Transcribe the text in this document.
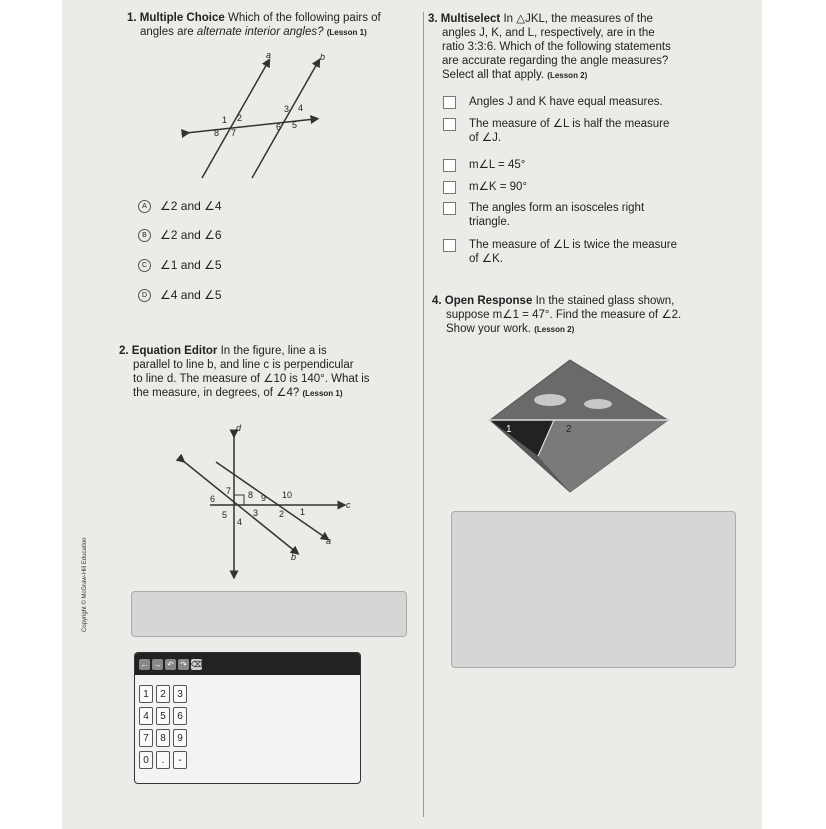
Copyright © McGraw-Hill Education
1. Multiple Choice Which of the following pairs of
angles are alternate interior angles? (Lesson 1)
a	b
1 2
3 4
8 7
6 5
A	∠2 and ∠4
B	∠2 and ∠6
C	∠1 and ∠5
D	∠4 and ∠5
2. Equation Editor In the figure, line a is
parallel to line b, and line c is perpendicular
to line d. The measure of ∠10 is 140°. What is
the measure, in degrees, of ∠4? (Lesson 1)
d
7 8 9 10
6
c
5	3 2 1
4
b
a
← → ↶ ↷ ⌫
1	2	3
4	5	6
7	8	9
0	.	-
3. Multiselect In △JKL, the measures of the
angles J, K, and L, respectively, are in the
ratio 3:3:6. Which of the following statements
are accurate regarding the angle measures?
Select all that apply. (Lesson 2)
Angles J and K have equal measures.
The measure of ∠L is half the measure
of ∠J.
m∠L = 45°
m∠K = 90°
The angles form an isosceles right
triangle.
The measure of ∠L is twice the measure
of ∠K.
4. Open Response In the stained glass shown,
suppose m∠1 = 47°. Find the measure of ∠2.
Show your work. (Lesson 2)
1	2
